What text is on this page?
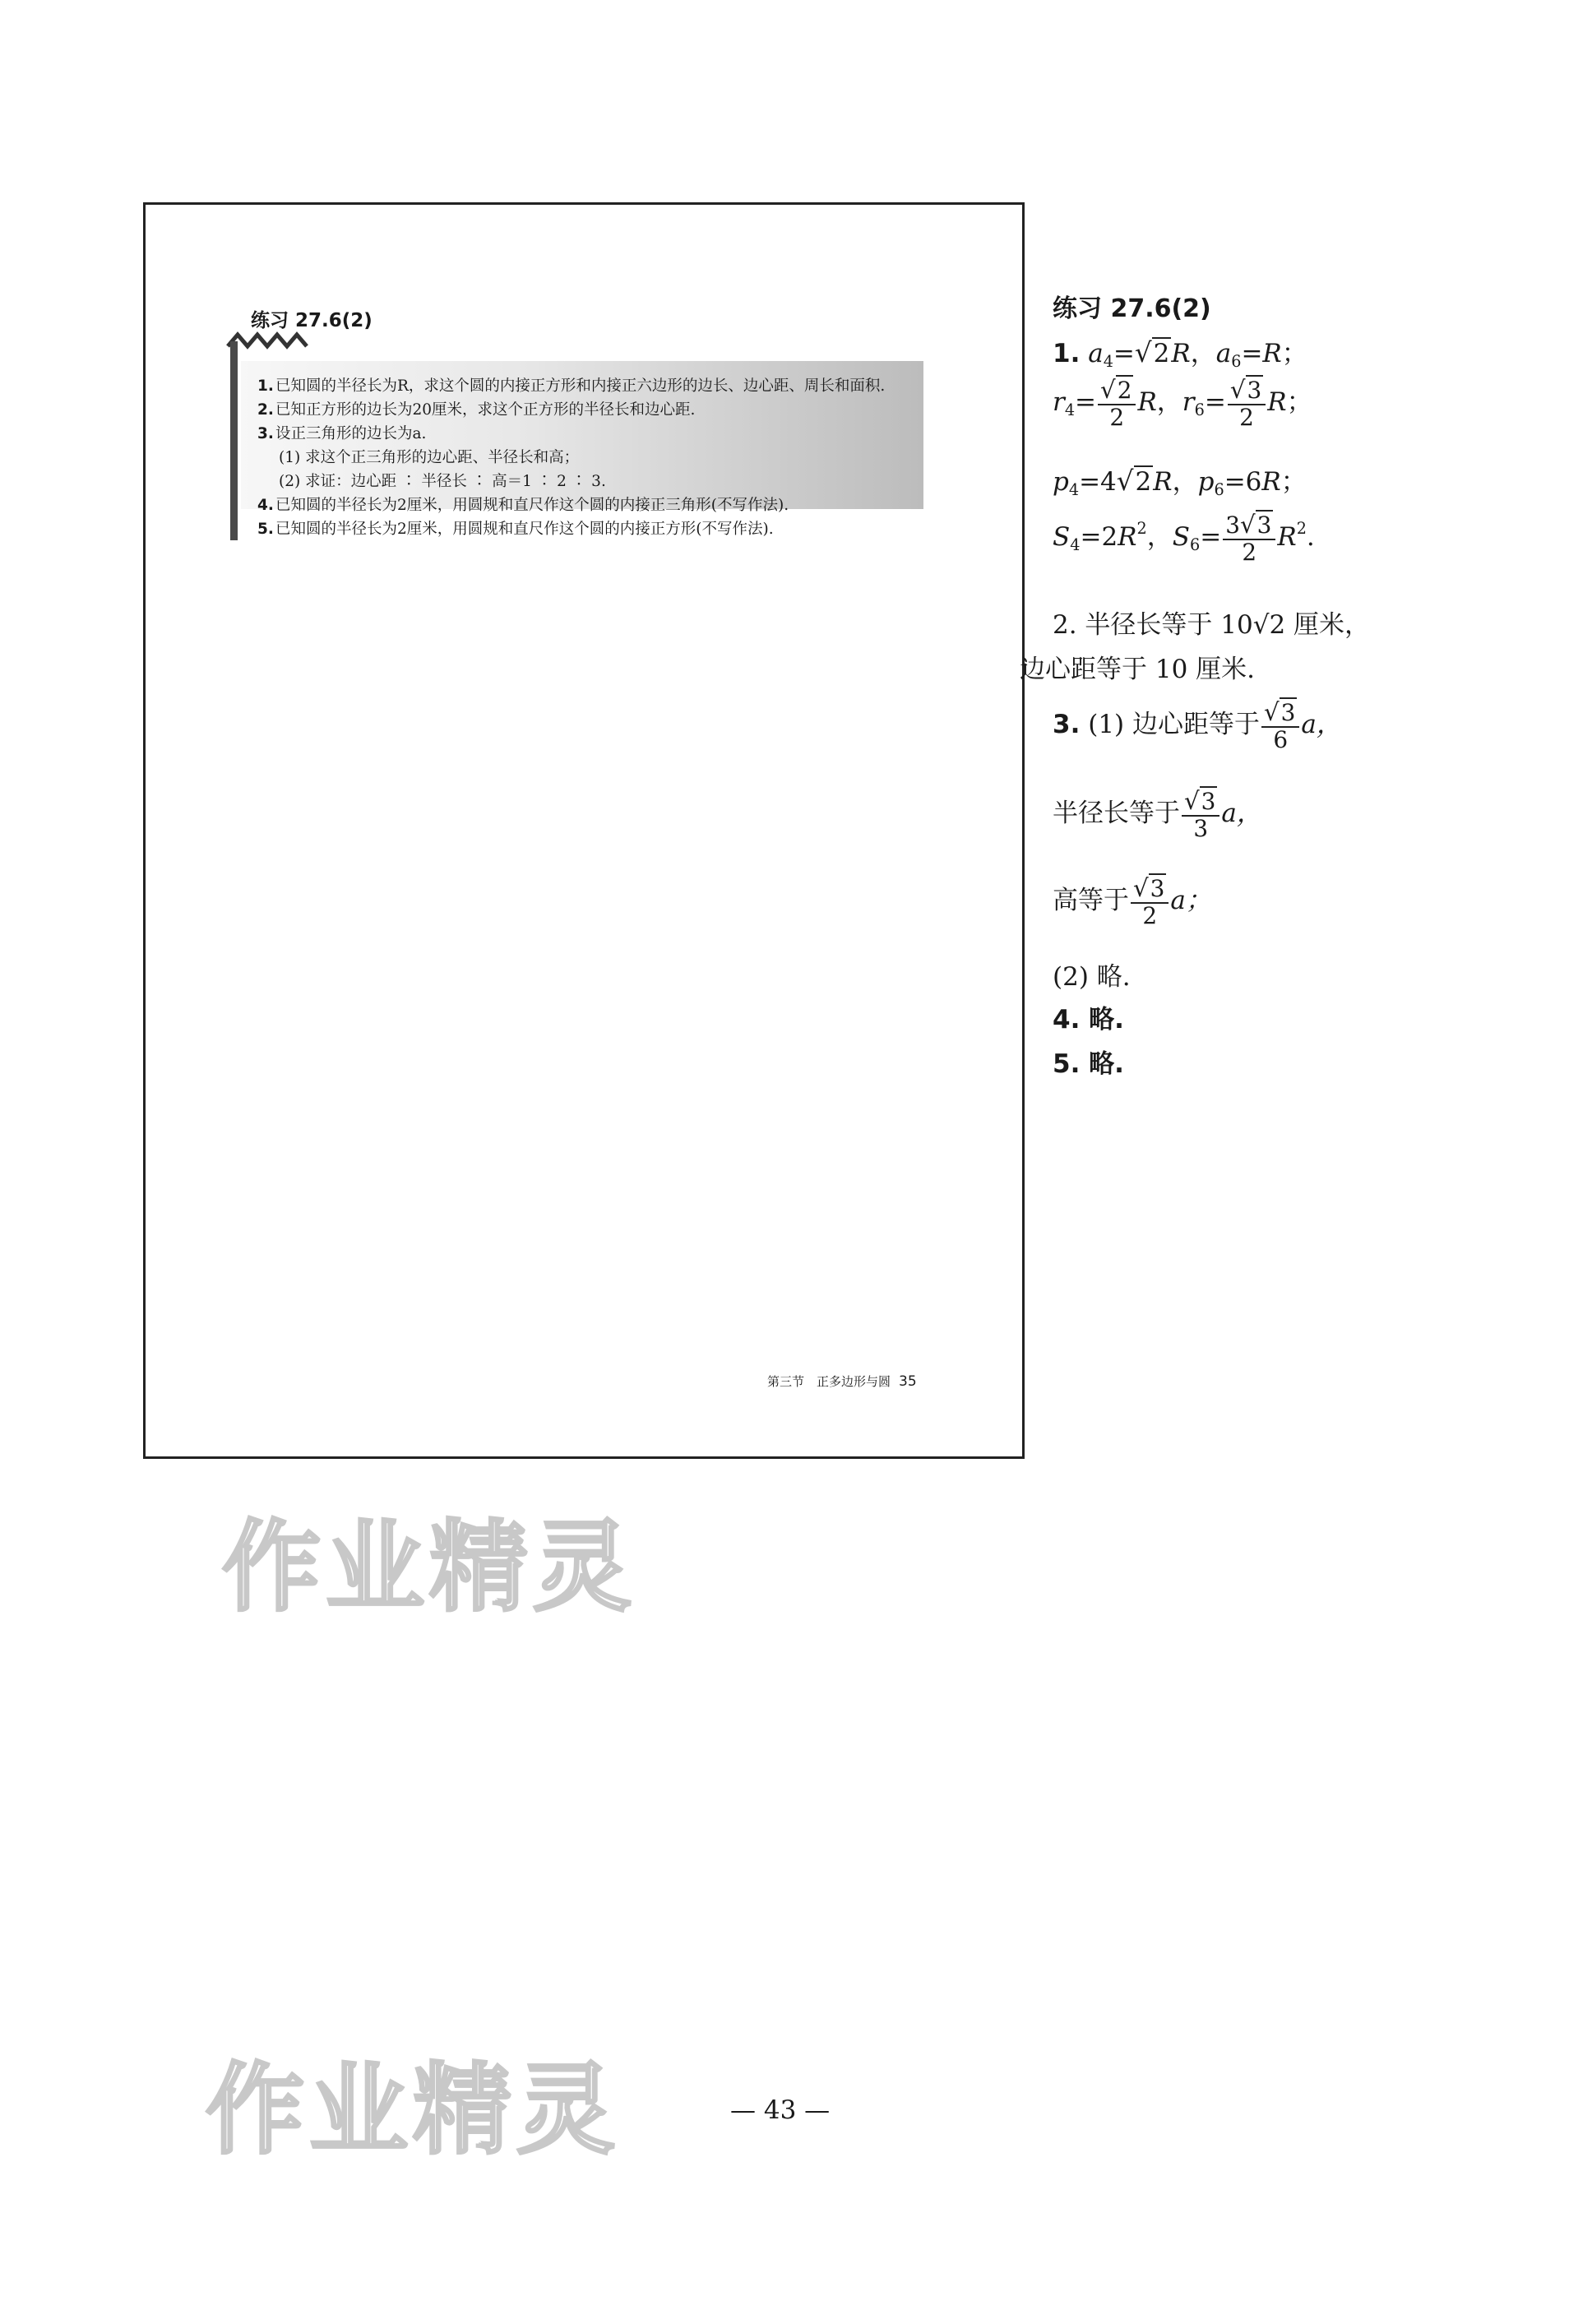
练习 27.6(2)
1. 已知圆的半径长为R，求这个圆的内接正方形和内接正六边形的边长、边心距、周长和面积.
2. 已知正方形的边长为20厘米，求这个正方形的半径长和边心距.
3. 设正三角形的边长为a.
(1) 求这个正三角形的边心距、半径长和高；
(2) 求证：边心距 ∶ 半径长 ∶ 高＝1 ∶ 2 ∶ 3.
4. 已知圆的半径长为2厘米，用圆规和直尺作这个圆的内接正三角形(不写作法).
5. 已知圆的半径长为2厘米，用圆规和直尺作这个圆的内接正方形(不写作法).
第三节　正多边形与圆 35
练习 27.6(2)
1. a4=√2R，a6=R；
$r4= \frac{√2}{2}$ R，$r6= \frac{√3}{2}$ R；
p4=4√2R，p6=6R；
$S4=2R^2$，$S6= \frac{3√3}{2} R^2$.
2. 半径长等于 10√2 厘米，
边心距等于 10 厘米.
3. (1) 边心距等于 $\frac{√3}{6}$ a，
半径长等于 $\frac{√3}{3}$ a，
高等于 $\frac{√3}{2}$ a；
(2) 略.
4. 略.
5. 略.
作业精灵
作业精灵	— 43 —
